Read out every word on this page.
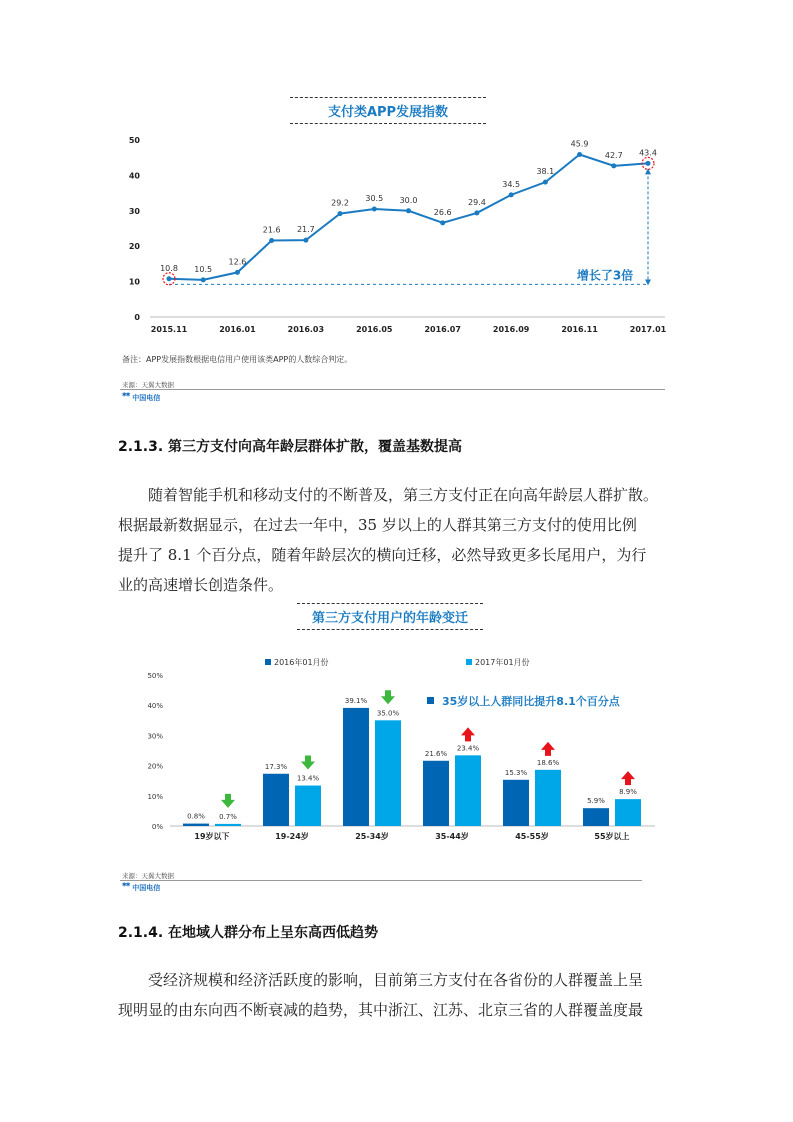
支付类APP发展指数
0
10
20
30
40
50
2015.11	2016.01	2016.03	2016.05	2016.07	2016.09	2016.11	2017.01
10.8 10.5
12.6
21.6 21.7
29.2
30.5 30.0
26.6
29.4
34.5
38.1
45.9
42.7 43.4
增长了3倍
备注：APP发展指数根据电信用户使用该类APP的人数综合判定。
来源：天翼大数据
ᕯ 中国电信
2.1.3. 第三方支付向高年龄层群体扩散，覆盖基数提高
随着智能手机和移动支付的不断普及，第三方支付正在向高年龄层人群扩散。
根据最新数据显示，在过去一年中，35 岁以上的人群其第三方支付的使用比例
提升了 8.1 个百分点，随着年龄层次的横向迁移，必然导致更多长尾用户，为行
业的高速增长创造条件。
第三方支付用户的年龄变迁
2016年01月份	2017年01月份
0%
10%
20%
30%
40%
50%
19岁以下	19-24岁	25-34岁	35-44岁	45-55岁	55岁以上
0.8% 0.7%
17.3%
13.4%
39.1%
35.0%
21.6%
23.4%
15.3%
18.6%
5.9%
8.9%
35岁以上人群同比提升8.1个百分点
来源：天翼大数据
ᕯ 中国电信
2.1.4. 在地域人群分布上呈东高西低趋势
受经济规模和经济活跃度的影响，目前第三方支付在各省份的人群覆盖上呈
现明显的由东向西不断衰减的趋势，其中浙江、江苏、北京三省的人群覆盖度最
